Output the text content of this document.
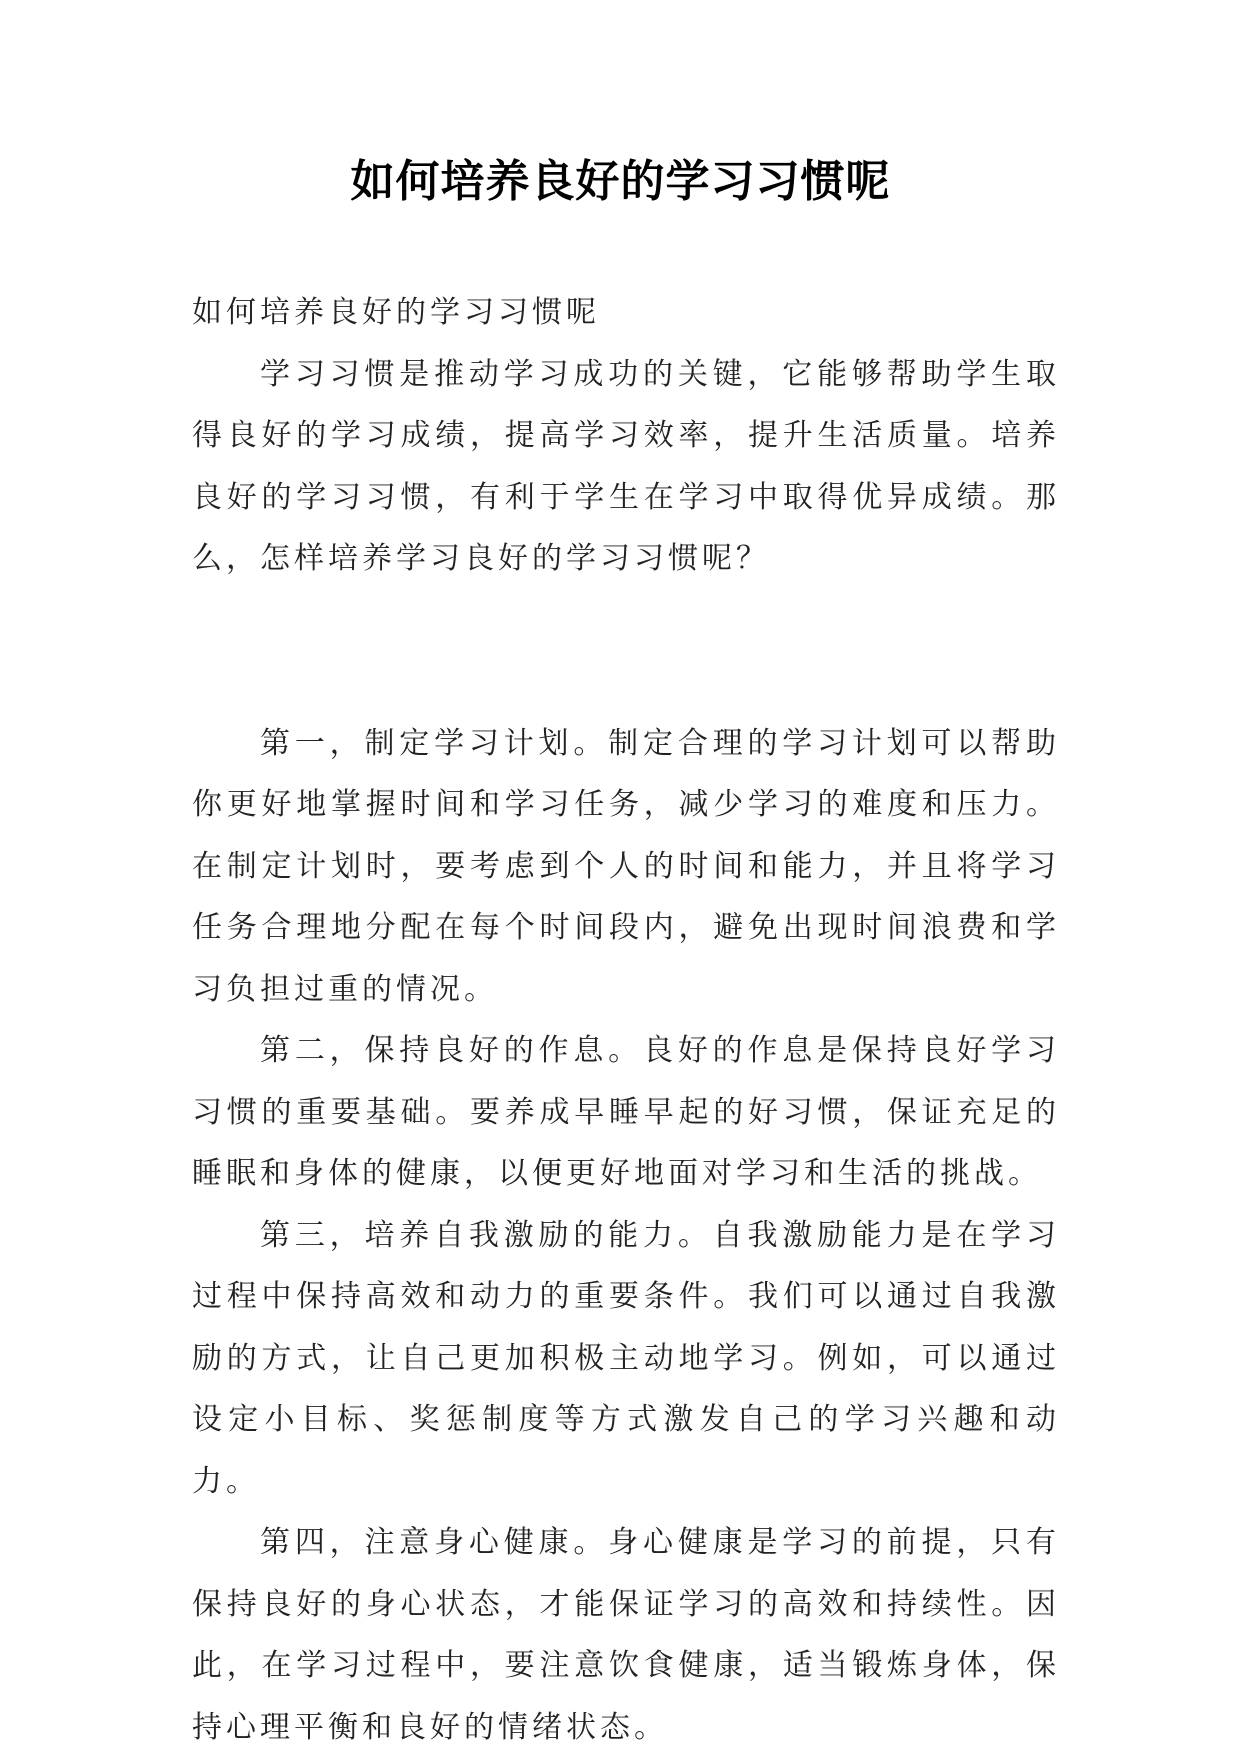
如何培养良好的学习习惯呢

如何培养良好的学习习惯呢

学习习惯是推动学习成功的关键，它能够帮助学生取得良好的学习成绩，提高学习效率，提升生活质量。培养良好的学习习惯，有利于学生在学习中取得优异成绩。那么，怎样培养学习良好的学习习惯呢？

第一，制定学习计划。制定合理的学习计划可以帮助你更好地掌握时间和学习任务，减少学习的难度和压力。在制定计划时，要考虑到个人的时间和能力，并且将学习任务合理地分配在每个时间段内，避免出现时间浪费和学习负担过重的情况。

第二，保持良好的作息。良好的作息是保持良好学习习惯的重要基础。要养成早睡早起的好习惯，保证充足的睡眠和身体的健康，以便更好地面对学习和生活的挑战。

第三，培养自我激励的能力。自我激励能力是在学习过程中保持高效和动力的重要条件。我们可以通过自我激励的方式，让自己更加积极主动地学习。例如，可以通过设定小目标、奖惩制度等方式激发自己的学习兴趣和动力。

第四，注意身心健康。身心健康是学习的前提，只有保持良好的身心状态，才能保证学习的高效和持续性。因此，在学习过程中，要注意饮食健康，适当锻炼身体，保持心理平衡和良好的情绪状态。
